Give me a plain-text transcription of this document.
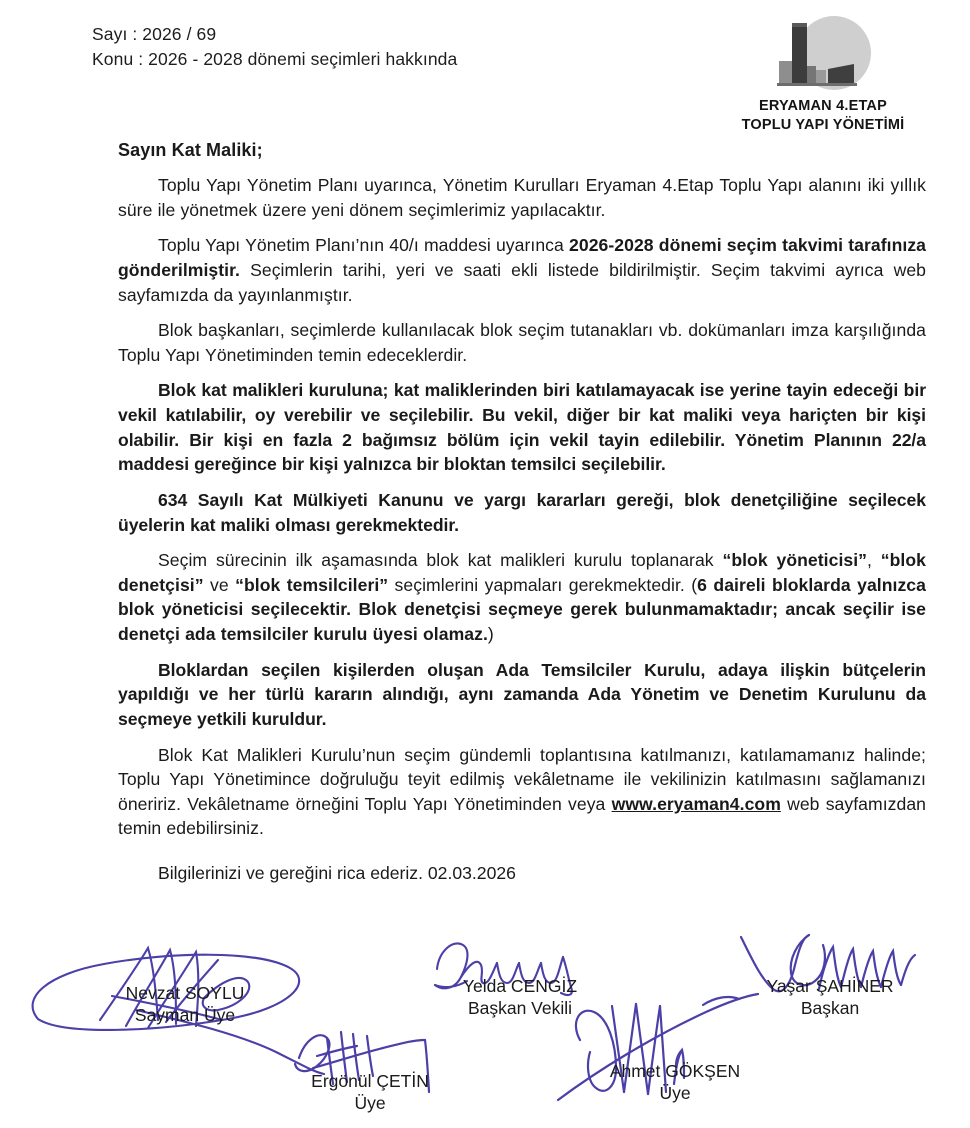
Sayı : 2026 / 69
Konu : 2026 - 2028 dönemi seçimleri hakkında
ERYAMAN 4.ETAP
TOPLU YAPI YÖNETİMİ
Sayın Kat Maliki;

Toplu Yapı Yönetim Planı uyarınca, Yönetim Kurulları Eryaman 4.Etap Toplu Yapı alanını iki yıllık süre ile yönetmek üzere yeni dönem seçimlerimiz yapılacaktır.

Toplu Yapı Yönetim Planı’nın 40/ı maddesi uyarınca 2026-2028 dönemi seçim takvimi tarafınıza gönderilmiştir. Seçimlerin tarihi, yeri ve saati ekli listede bildirilmiştir. Seçim takvimi ayrıca web sayfamızda da yayınlanmıştır.

Blok başkanları, seçimlerde kullanılacak blok seçim tutanakları vb. dokümanları imza karşılığında Toplu Yapı Yönetiminden temin edeceklerdir.

Blok kat malikleri kuruluna; kat maliklerinden biri katılamayacak ise yerine tayin edeceği bir vekil katılabilir, oy verebilir ve seçilebilir. Bu vekil, diğer bir kat maliki veya hariçten bir kişi olabilir. Bir kişi en fazla 2 bağımsız bölüm için vekil tayin edilebilir. Yönetim Planının 22/a maddesi gereğince bir kişi yalnızca bir bloktan temsilci seçilebilir.

634 Sayılı Kat Mülkiyeti Kanunu ve yargı kararları gereği, blok denetçiliğine seçilecek üyelerin kat maliki olması gerekmektedir.

Seçim sürecinin ilk aşamasında blok kat malikleri kurulu toplanarak “blok yöneticisi”, “blok denetçisi” ve “blok temsilcileri” seçimlerini yapmaları gerekmektedir. (6 daireli bloklarda yalnızca blok yöneticisi seçilecektir. Blok denetçisi seçmeye gerek bulunmamaktadır; ancak seçilir ise denetçi ada temsilciler kurulu üyesi olamaz.)

Bloklardan seçilen kişilerden oluşan Ada Temsilciler Kurulu, adaya ilişkin bütçelerin yapıldığı ve her türlü kararın alındığı, aynı zamanda Ada Yönetim ve Denetim Kurulunu da seçmeye yetkili kuruldur.

Blok Kat Malikleri Kurulu’nun seçim gündemli toplantısına katılmanızı, katılamamanız halinde; Toplu Yapı Yönetimince doğruluğu teyit edilmiş vekâletname ile vekilinizin katılmasını sağlamanızı öneririz. Vekâletname örneğini Toplu Yapı Yönetiminden veya www.eryaman4.com web sayfamızdan temin edebilirsiniz.

Bilgilerinizi ve gereğini rica ederiz. 02.03.2026

Nevzat SOYLU
Sayman Üye
Yelda CENGİZ
Başkan Vekili
Yaşar ŞAHİNER
Başkan
Ergönül ÇETİN
Üye
Ahmet GÖKŞEN
Üye
